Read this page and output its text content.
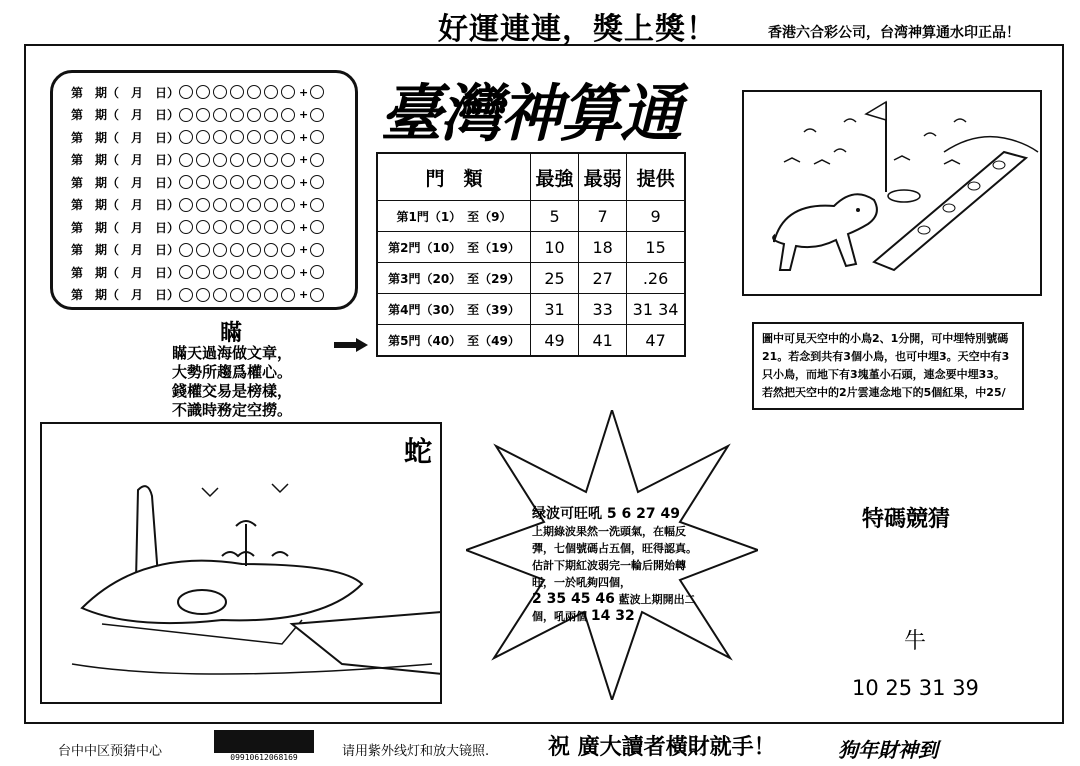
好運連連，獎上獎！	香港六合彩公司，台湾神算通水印正品！
第　期（　月　日）	+
第　期（　月　日）	+
第　期（　月　日）	+
第　期（　月　日）	+
第　期（　月　日）	+
第　期（　月　日）	+
第　期（　月　日）	+
第　期（　月　日）	+
第　期（　月　日）	+
第　期（　月　日）	+
臺灣神算通
門　類	最強	最弱	提供
第1門（1）　至（9）	5	7	9
第2門（10）　至（19）	10	18	15
第3門（20）　至（29）	25	27	.26
第4門（30）　至（39）	31	33	31 34
第5門（40）　至（49）	49	41	47
瞞
瞞天過海做文章，
大勢所趨爲權心。
錢權交易是榜樣，
不識時務定空撈。
圖中可見天空中的小鳥2、1分開，可中埋特別號碼21。若念到共有3個小鳥，也可中埋3。天空中有3只小鳥，而地下有3塊堇小石頭，連念要中埋33。若然把天空中的2片雲連念地下的5個紅果，中25/
蛇
绿波可旺吼 5 6 27 49
上期綠波果然一洗頭氣，在幅反彈，七個號碼占五個，旺得認真。估計下期紅波弱完一輪后開始轉旺，一於吼夠四個，
2 35 45 46 藍波上期開出二個，吼兩個 14 32
特碼競猜
牛
10 25 31 39
台中中区预猜中心	09910612068169	请用紫外线灯和放大镜照.	祝 廣大讀者橫財就手！	狗年財神到
